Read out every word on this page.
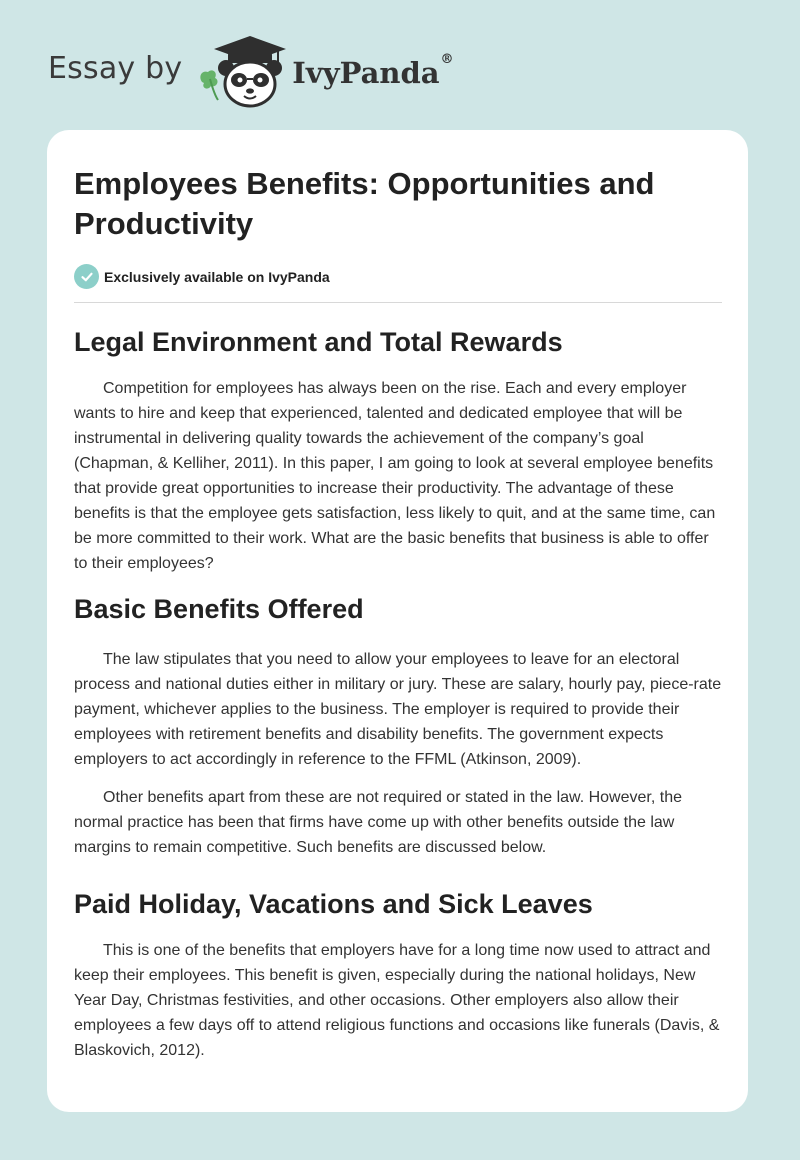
Essay by	IvyPanda®
Employees Benefits: Opportunities and Productivity
Exclusively available on IvyPanda
Legal Environment and Total Rewards

Competition for employees has always been on the rise. Each and every employer wants to hire and keep that experienced, talented and dedicated employee that will be instrumental in delivering quality towards the achievement of the company’s goal (Chapman, & Kelliher, 2011). In this paper, I am going to look at several employee benefits that provide great opportunities to increase their productivity. The advantage of these benefits is that the employee gets satisfaction, less likely to quit, and at the same time, can be more committed to their work. What are the basic benefits that business is able to offer to their employees?

Basic Benefits Offered

The law stipulates that you need to allow your employees to leave for an electoral process and national duties either in military or jury. These are salary, hourly pay, piece-rate payment, whichever applies to the business. The employer is required to provide their employees with retirement benefits and disability benefits. The government expects employers to act accordingly in reference to the FFML (Atkinson, 2009).

Other benefits apart from these are not required or stated in the law. However, the normal practice has been that firms have come up with other benefits outside the law margins to remain competitive. Such benefits are discussed below.

Paid Holiday, Vacations and Sick Leaves

This is one of the benefits that employers have for a long time now used to attract and keep their employees. This benefit is given, especially during the national holidays, New Year Day, Christmas festivities, and other occasions. Other employers also allow their employees a few days off to attend religious functions and occasions like funerals (Davis, & Blaskovich, 2012).
